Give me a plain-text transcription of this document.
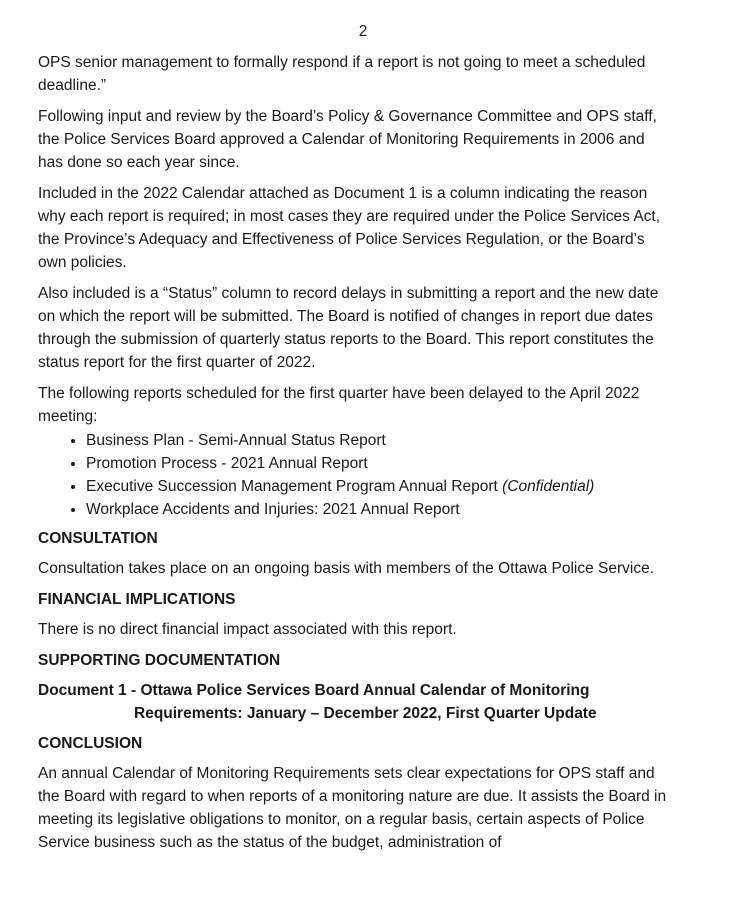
2

OPS senior management to formally respond if a report is not going to meet a scheduled deadline.”

Following input and review by the Board’s Policy & Governance Committee and OPS staff, the Police Services Board approved a Calendar of Monitoring Requirements in 2006 and has done so each year since.

Included in the 2022 Calendar attached as Document 1 is a column indicating the reason why each report is required; in most cases they are required under the Police Services Act, the Province’s Adequacy and Effectiveness of Police Services Regulation, or the Board’s own policies.

Also included is a “Status” column to record delays in submitting a report and the new date on which the report will be submitted. The Board is notified of changes in report due dates through the submission of quarterly status reports to the Board. This report constitutes the status report for the first quarter of 2022.

The following reports scheduled for the first quarter have been delayed to the April 2022 meeting:

• Business Plan - Semi-Annual Status Report
• Promotion Process - 2021 Annual Report
• Executive Succession Management Program Annual Report (Confidential)
• Workplace Accidents and Injuries: 2021 Annual Report
CONSULTATION

Consultation takes place on an ongoing basis with members of the Ottawa Police Service.

FINANCIAL IMPLICATIONS

There is no direct financial impact associated with this report.

SUPPORTING DOCUMENTATION
Document 1 - Ottawa Police Services Board Annual Calendar of Monitoring
Requirements: January – December 2022, First Quarter Update
CONCLUSION

An annual Calendar of Monitoring Requirements sets clear expectations for OPS staff and the Board with regard to when reports of a monitoring nature are due. It assists the Board in meeting its legislative obligations to monitor, on a regular basis, certain aspects of Police Service business such as the status of the budget, administration of
